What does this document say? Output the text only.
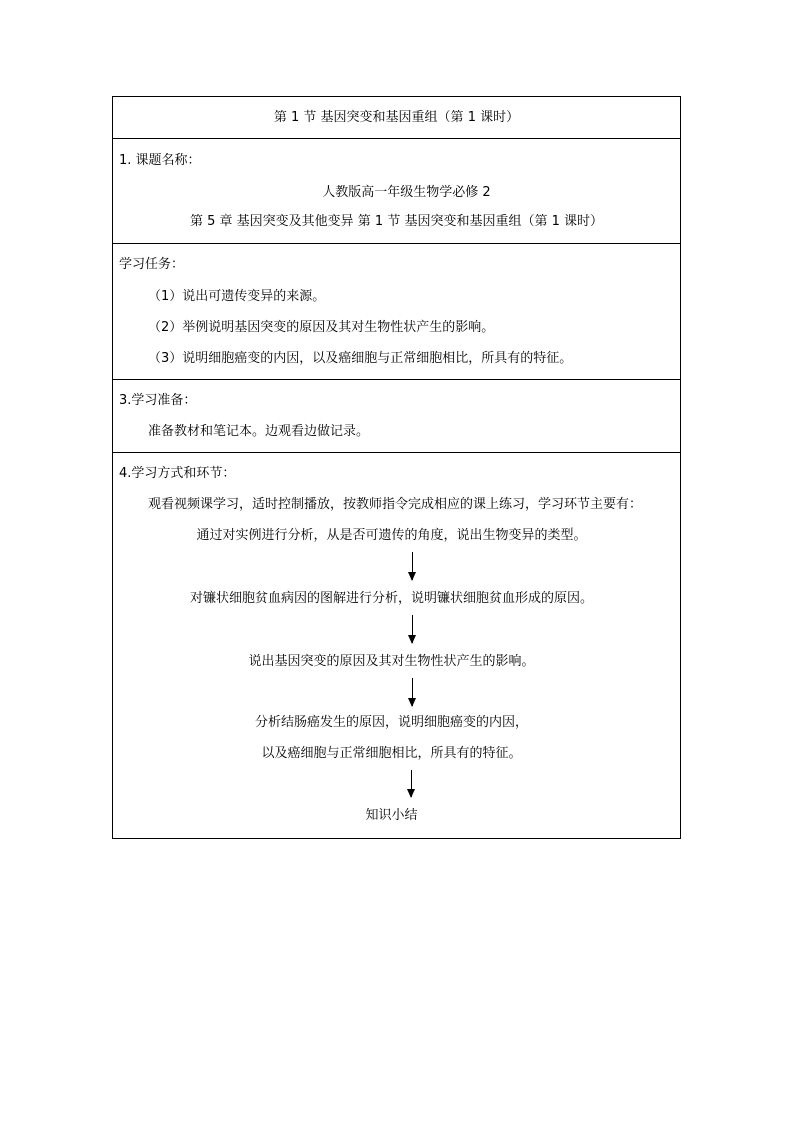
第 1 节 基因突变和基因重组（第 1 课时）
1. 课题名称：
人教版高一年级生物学必修 2
第 5 章 基因突变及其他变异 第 1 节 基因突变和基因重组（第 1 课时）
学习任务：
（1）说出可遗传变异的来源。
（2）举例说明基因突变的原因及其对生物性状产生的影响。
（3）说明细胞癌变的内因，以及癌细胞与正常细胞相比，所具有的特征。
3.学习准备：
准备教材和笔记本。边观看边做记录。
4.学习方式和环节：
观看视频课学习，适时控制播放，按教师指令完成相应的课上练习，学习环节主要有：
通过对实例进行分析，从是否可遗传的角度，说出生物变异的类型。
对镰状细胞贫血病因的图解进行分析，说明镰状细胞贫血形成的原因。
说出基因突变的原因及其对生物性状产生的影响。
分析结肠癌发生的原因，说明细胞癌变的内因，
以及癌细胞与正常细胞相比，所具有的特征。
知识小结
